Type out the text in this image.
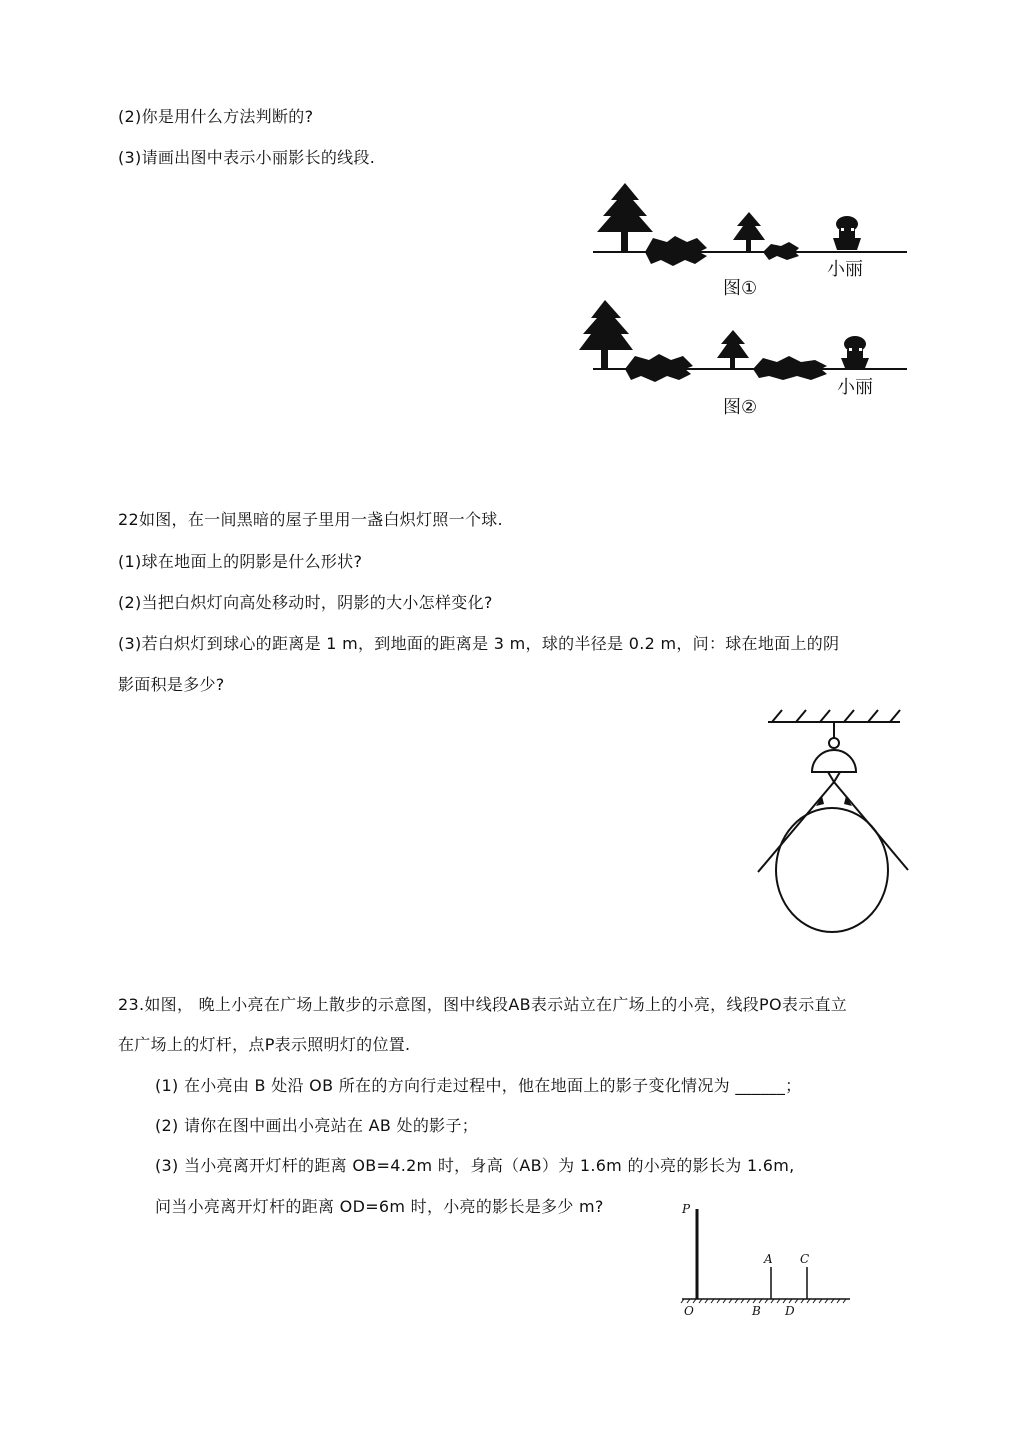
(2)你是用什么方法判断的?
(3)请画出图中表示小丽影长的线段.
小丽
图①
小丽
图②
22如图，在一间黑暗的屋子里用一盏白炽灯照一个球.
(1)球在地面上的阴影是什么形状?
(2)当把白炽灯向高处移动时，阴影的大小怎样变化?
(3)若白炽灯到球心的距离是 1 m，到地面的距离是 3 m，球的半径是 0.2 m，问：球在地面上的阴
影面积是多少?
23.如图， 晚上小亮在广场上散步的示意图，图中线段AB表示站立在广场上的小亮，线段PO表示直立
在广场上的灯杆，点P表示照明灯的位置.
(1) 在小亮由 B 处沿 OB 所在的方向行走过程中，他在地面上的影子变化情况为 ______；
(2) 请你在图中画出小亮站在 AB 处的影子；
(3) 当小亮离开灯杆的距离 OB=4.2m 时，身高（AB）为 1.6m 的小亮的影长为 1.6m,
问当小亮离开灯杆的距离 OD=6m 时，小亮的影长是多少 m?	P
A C
O	B D
